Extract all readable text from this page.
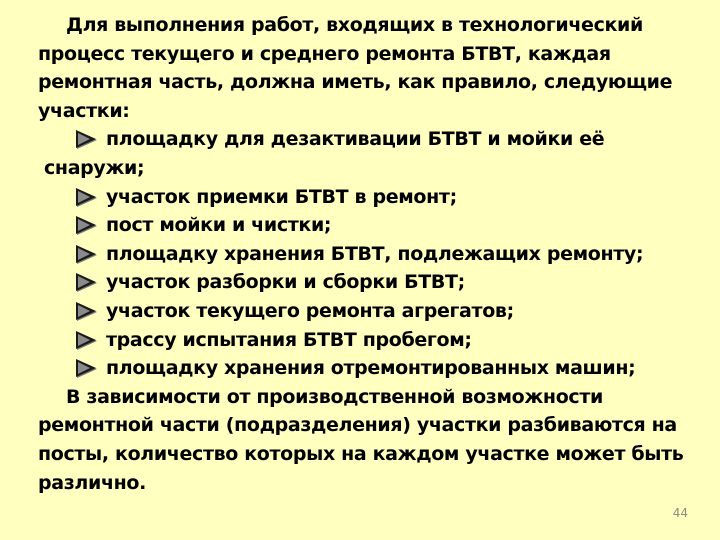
Для выполнения работ, входящих в технологический процесс текущего и среднего ремонта БТВТ, каждая ремонтная часть, должна иметь, как правило, следующие участки:

площадку для дезактивации БТВТ и мойки её снаружи;
участок приемки БТВТ в ремонт;
пост мойки и чистки;
площадку хранения БТВТ, подлежащих ремонту;
участок разборки и сборки БТВТ;
участок текущего ремонта агрегатов;
трассу испытания БТВТ пробегом;
площадку хранения отремонтированных машин;

В зависимости от производственной возможности ремонтной части (подразделения) участки разбиваются на посты, количество которых на каждом участке может быть различно.

44
